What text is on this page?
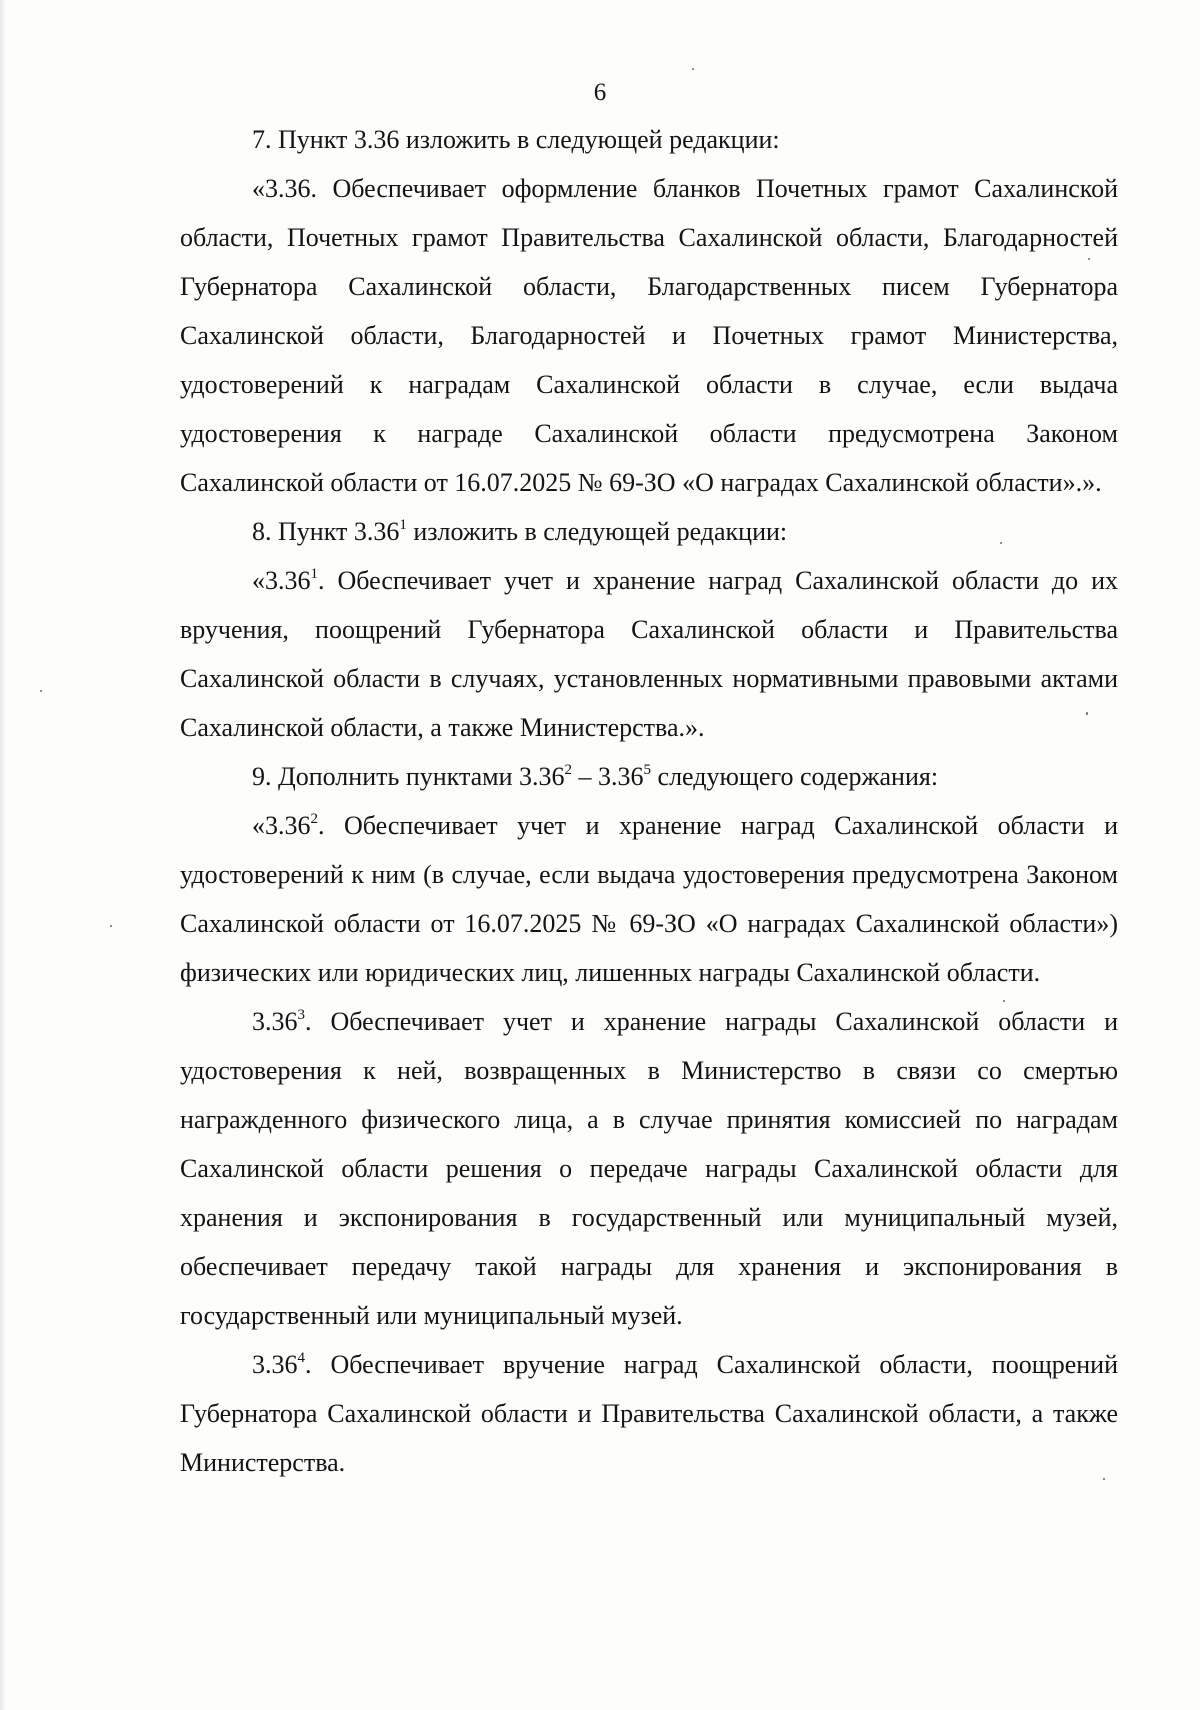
6

7. Пункт 3.36 изложить в следующей редакции:

«3.36. Обеспечивает оформление бланков Почетных грамот Сахалинской области, Почетных грамот Правительства Сахалинской области, Благодарностей Губернатора Сахалинской области, Благодарственных писем Губернатора Сахалинской области, Благодарностей и Почетных грамот Министерства, удостоверений к наградам Сахалинской области в случае, если выдача удостоверения к награде Сахалинской области предусмотрена Законом Сахалинской области от 16.07.2025 № 69-ЗО «О наградах Сахалинской области».».

8. Пункт 3.36$^1$ изложить в следующей редакции:

«3.36$^1$. Обеспечивает учет и хранение наград Сахалинской области до их вручения, поощрений Губернатора Сахалинской области и Правительства Сахалинской области в случаях, установленных нормативными правовыми актами Сахалинской области, а также Министерства.».

9. Дополнить пунктами 3.36$^2$ – 3.36$^5$ следующего содержания:

«3.36$^2$. Обеспечивает учет и хранение наград Сахалинской области и удостоверений к ним (в случае, если выдача удостоверения предусмотрена Законом Сахалинской области от 16.07.2025 № 69-ЗО «О наградах Сахалинской области») физических или юридических лиц, лишенных награды Сахалинской области.

3.36$^3$. Обеспечивает учет и хранение награды Сахалинской области и удостоверения к ней, возвращенных в Министерство в связи со смертью награжденного физического лица, а в случае принятия комиссией по наградам Сахалинской области решения о передаче награды Сахалинской области для хранения и экспонирования в государственный или муниципальный музей, обеспечивает передачу такой награды для хранения и экспонирования в государственный или муниципальный музей.

3.36$^4$. Обеспечивает вручение наград Сахалинской области, поощрений Губернатора Сахалинской области и Правительства Сахалинской области, а также Министерства.
